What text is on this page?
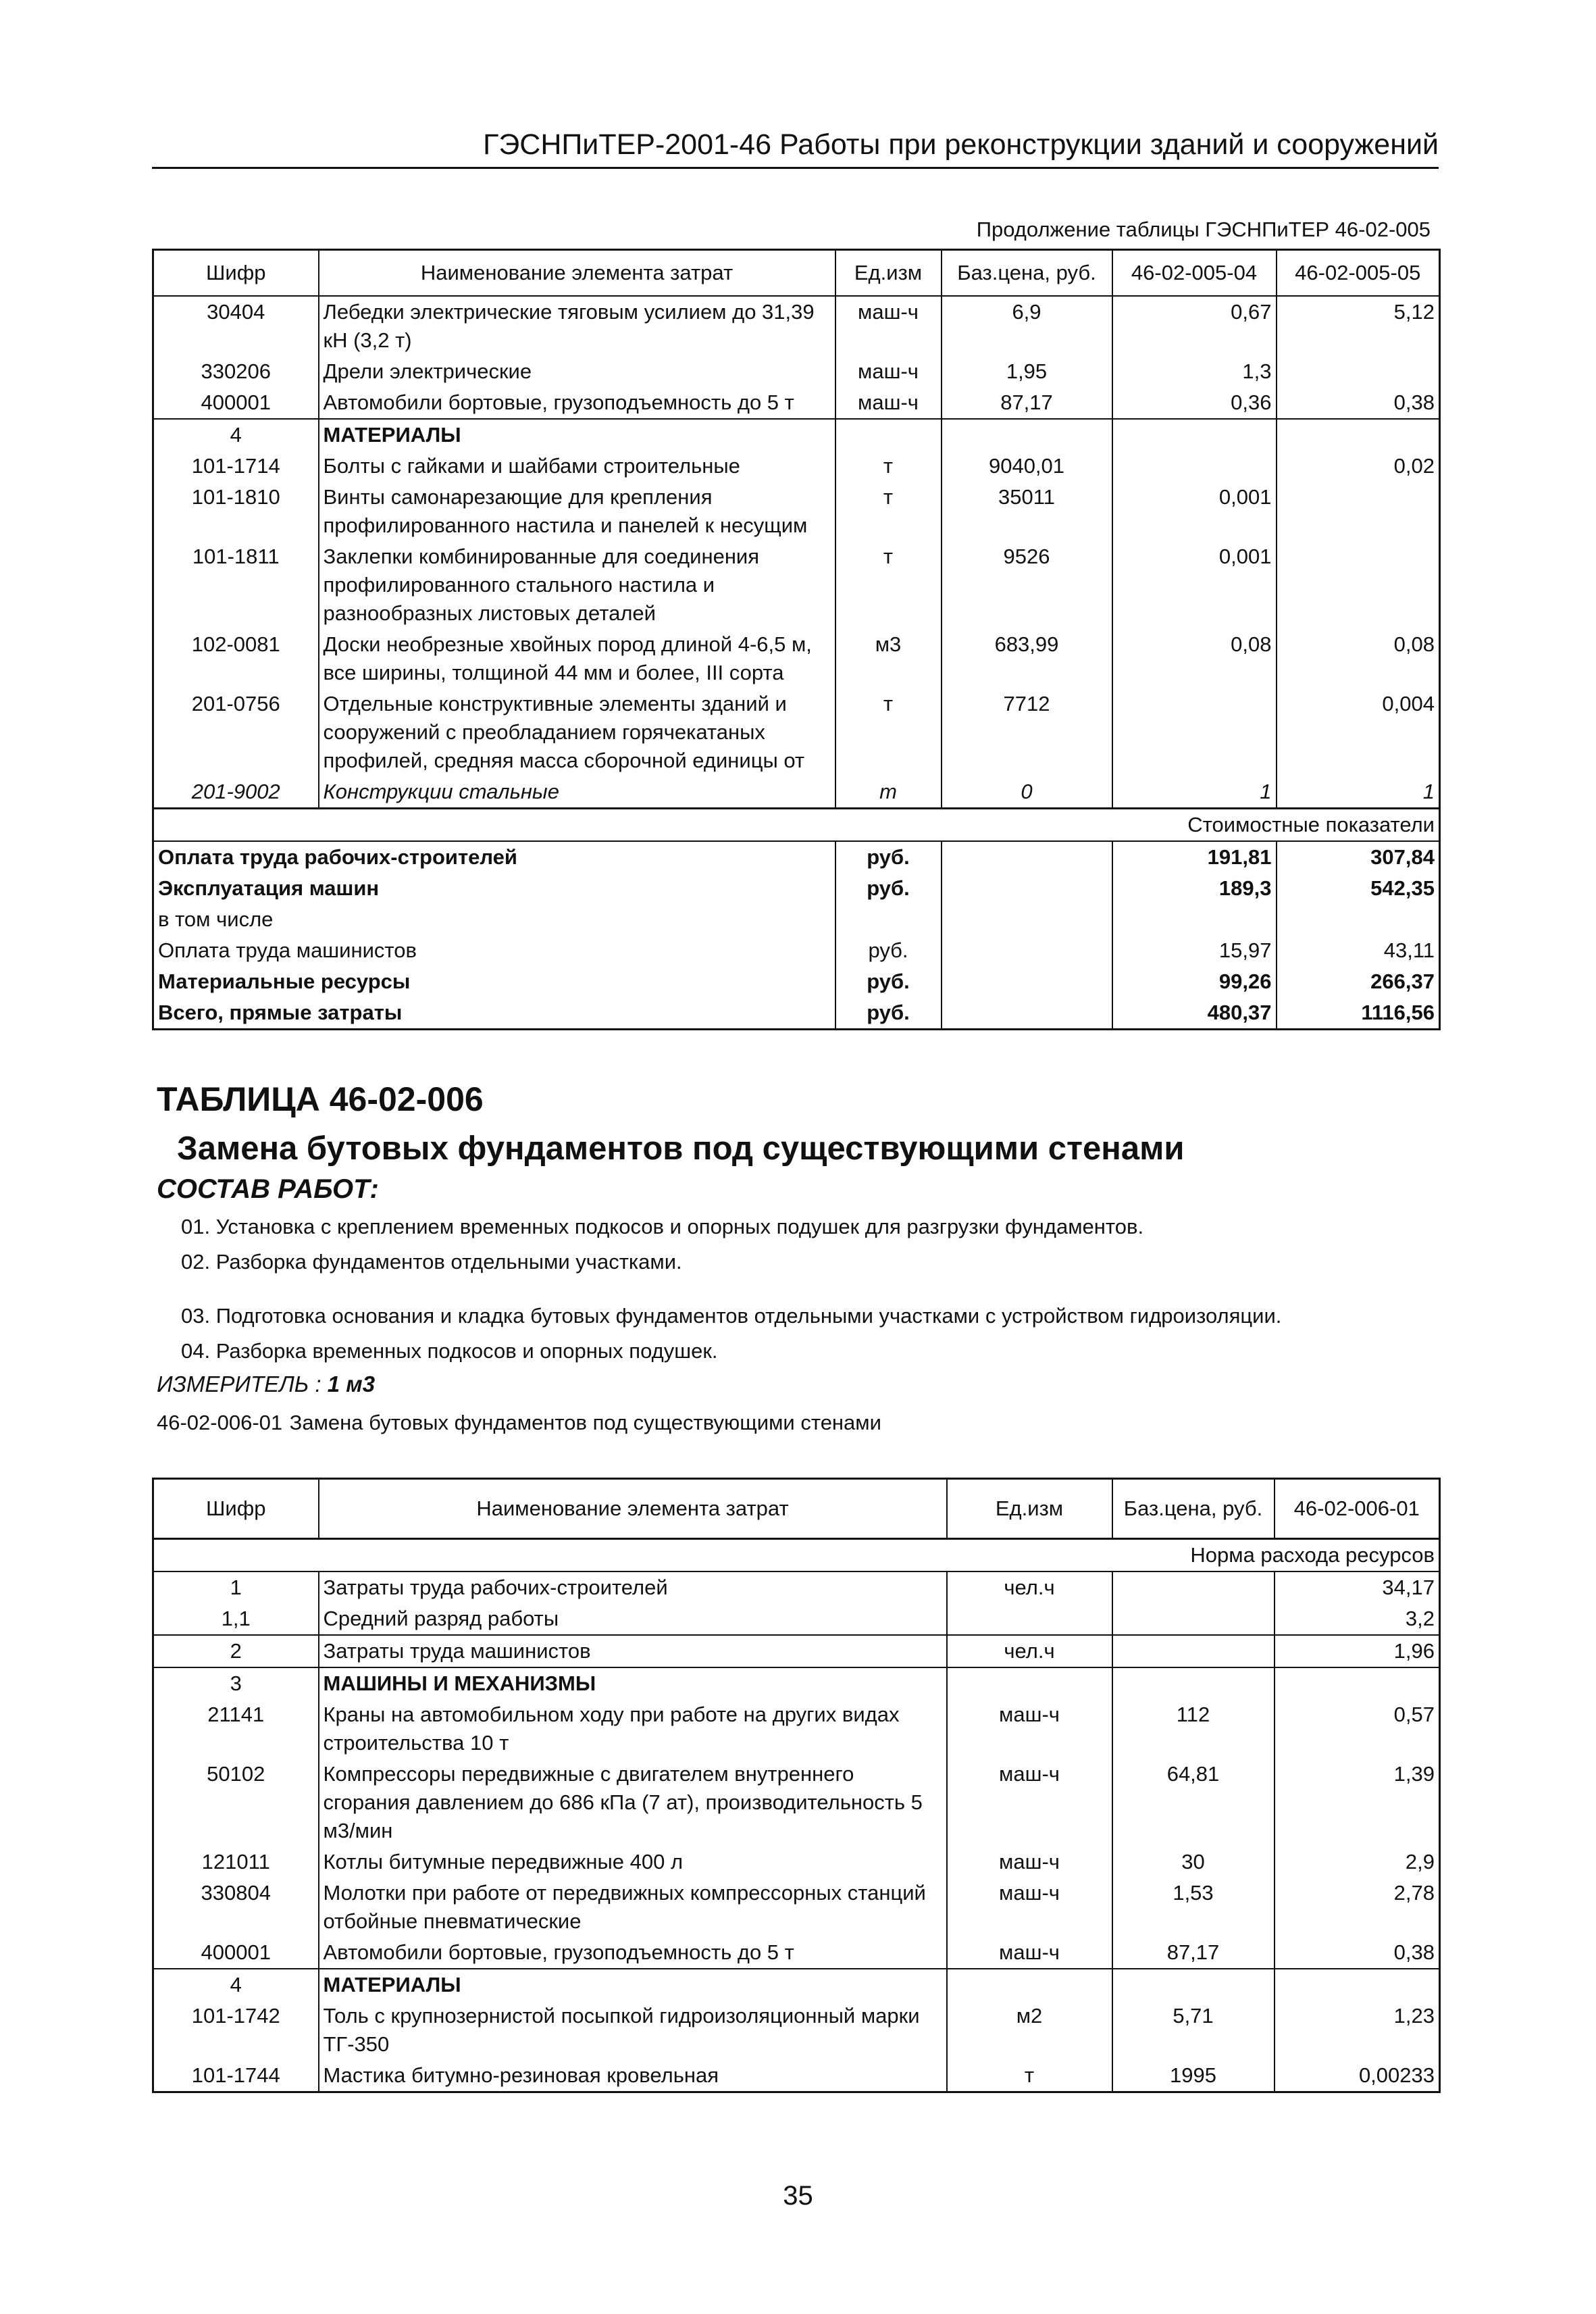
ГЭСНПиТЕР-2001-46 Работы при реконструкции зданий и сооружений
Продолжение таблицы ГЭСНПиТЕР 46-02-005
Шифр	Наименование элемента затрат	Ед.изм	Баз.цена, руб.	46-02-005-04	46-02-005-05
30404	Лебедки электрические тяговым усилием до 31,39 кН (3,2 т)	маш-ч	6,9	0,67	5,12
330206	Дрели электрические	маш-ч	1,95	1,3	
400001	Автомобили бортовые, грузоподъемность до 5 т	маш-ч	87,17	0,36	0,38
4	МАТЕРИАЛЫ				
101-1714	Болты с гайками и шайбами строительные	т	9040,01		0,02
101-1810	Винты самонарезающие для крепления профилированного настила и панелей к несущим	т	35011	0,001	
101-1811	Заклепки комбинированные для соединения профилированного стального настила и разнообразных листовых деталей	т	9526	0,001	
102-0081	Доски необрезные хвойных пород длиной 4-6,5 м, все ширины, толщиной 44 мм и более, III сорта	м3	683,99	0,08	0,08
201-0756	Отдельные конструктивные элементы зданий и сооружений с преобладанием горячекатаных профилей, средняя масса сборочной единицы от	т	7712		0,004
201-9002	Конструкции стальные	т	0	1	1
Стоимостные показатели					
Оплата труда рабочих-строителей		руб.		191,81	307,84
Эксплуатация машин		руб.		189,3	542,35
в том числе					
Оплата труда машинистов		руб.		15,97	43,11
Материальные ресурсы		руб.		99,26	266,37
Всего, прямые затраты		руб.		480,37	1116,56
ТАБЛИЦА 46-02-006
Замена бутовых фундаментов под существующими стенами
СОСТАВ РАБОТ:
01. Установка с креплением временных подкосов и опорных подушек для разгрузки фундаментов.
02. Разборка фундаментов отдельными участками.
03. Подготовка основания и кладка бутовых фундаментов отдельными участками с устройством гидроизоляции.
04. Разборка временных подкосов и опорных подушек.
ИЗМЕРИТЕЛЬ : 1 м3
46-02-006-01 Замена бутовых фундаментов под существующими стенами
Шифр	Наименование элемента затрат	Ед.изм	Баз.цена, руб.	46-02-006-01
Норма расхода ресурсов				
1	Затраты труда рабочих-строителей	чел.ч		34,17
1,1	Средний разряд работы			3,2
2	Затраты труда машинистов	чел.ч		1,96
3	МАШИНЫ И МЕХАНИЗМЫ			
21141	Краны на автомобильном ходу при работе на других видах строительства 10 т	маш-ч	112	0,57
50102	Компрессоры передвижные с двигателем внутреннего сгорания давлением до 686 кПа (7 ат), производительность 5 м3/мин	маш-ч	64,81	1,39
121011	Котлы битумные передвижные 400 л	маш-ч	30	2,9
330804	Молотки при работе от передвижных компрессорных станций отбойные пневматические	маш-ч	1,53	2,78
400001	Автомобили бортовые, грузоподъемность до 5 т	маш-ч	87,17	0,38
4	МАТЕРИАЛЫ			
101-1742	Толь с крупнозернистой посыпкой гидроизоляционный марки ТГ-350	м2	5,71	1,23
101-1744	Мастика битумно-резиновая кровельная	т	1995	0,00233
35
